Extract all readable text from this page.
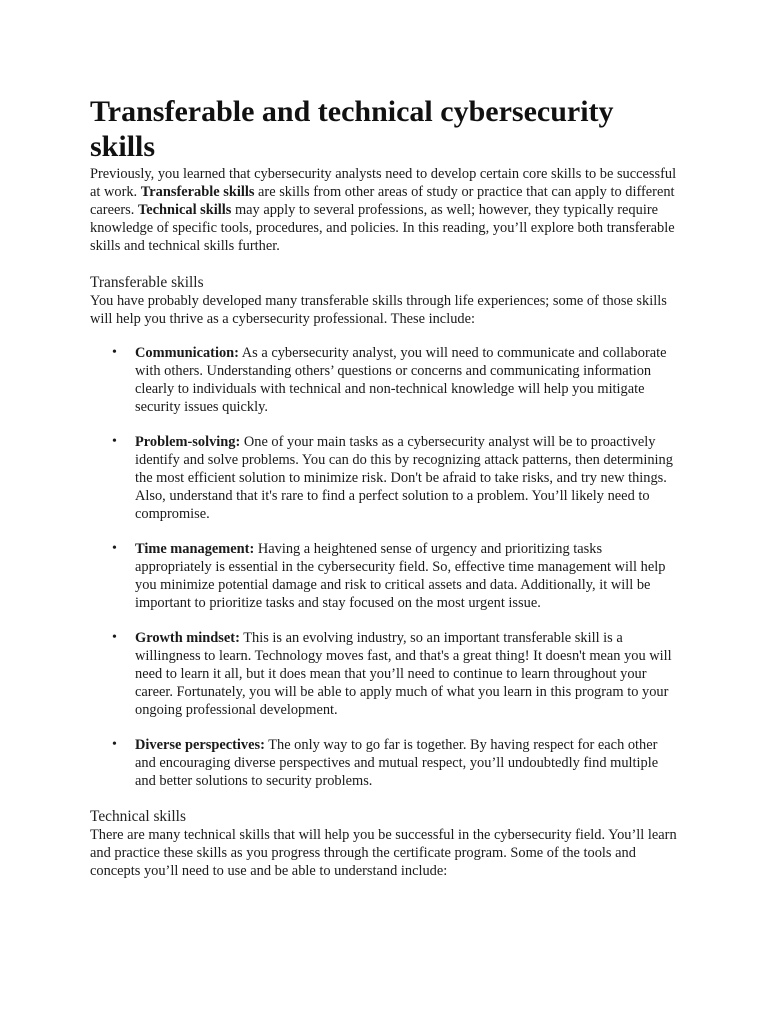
Transferable and technical cybersecurity skills

Previously, you learned that cybersecurity analysts need to develop certain core skills to be successful at work. Transferable skills are skills from other areas of study or practice that can apply to different careers. Technical skills may apply to several professions, as well; however, they typically require knowledge of specific tools, procedures, and policies. In this reading, you’ll explore both transferable skills and technical skills further.

Transferable skills

You have probably developed many transferable skills through life experiences; some of those skills will help you thrive as a cybersecurity professional. These include:

• Communication: As a cybersecurity analyst, you will need to communicate and collaborate with others. Understanding others’ questions or concerns and communicating information clearly to individuals with technical and non-technical knowledge will help you mitigate security issues quickly.
• Problem-solving: One of your main tasks as a cybersecurity analyst will be to proactively identify and solve problems. You can do this by recognizing attack patterns, then determining the most efficient solution to minimize risk. Don't be afraid to take risks, and try new things. Also, understand that it's rare to find a perfect solution to a problem. You’ll likely need to compromise.
• Time management: Having a heightened sense of urgency and prioritizing tasks appropriately is essential in the cybersecurity field. So, effective time management will help you minimize potential damage and risk to critical assets and data. Additionally, it will be important to prioritize tasks and stay focused on the most urgent issue.
• Growth mindset: This is an evolving industry, so an important transferable skill is a willingness to learn. Technology moves fast, and that's a great thing! It doesn't mean you will need to learn it all, but it does mean that you’ll need to continue to learn throughout your career. Fortunately, you will be able to apply much of what you learn in this program to your ongoing professional development.
• Diverse perspectives: The only way to go far is together. By having respect for each other and encouraging diverse perspectives and mutual respect, you’ll undoubtedly find multiple and better solutions to security problems.
Technical skills

There are many technical skills that will help you be successful in the cybersecurity field. You’ll learn and practice these skills as you progress through the certificate program. Some of the tools and concepts you’ll need to use and be able to understand include:
